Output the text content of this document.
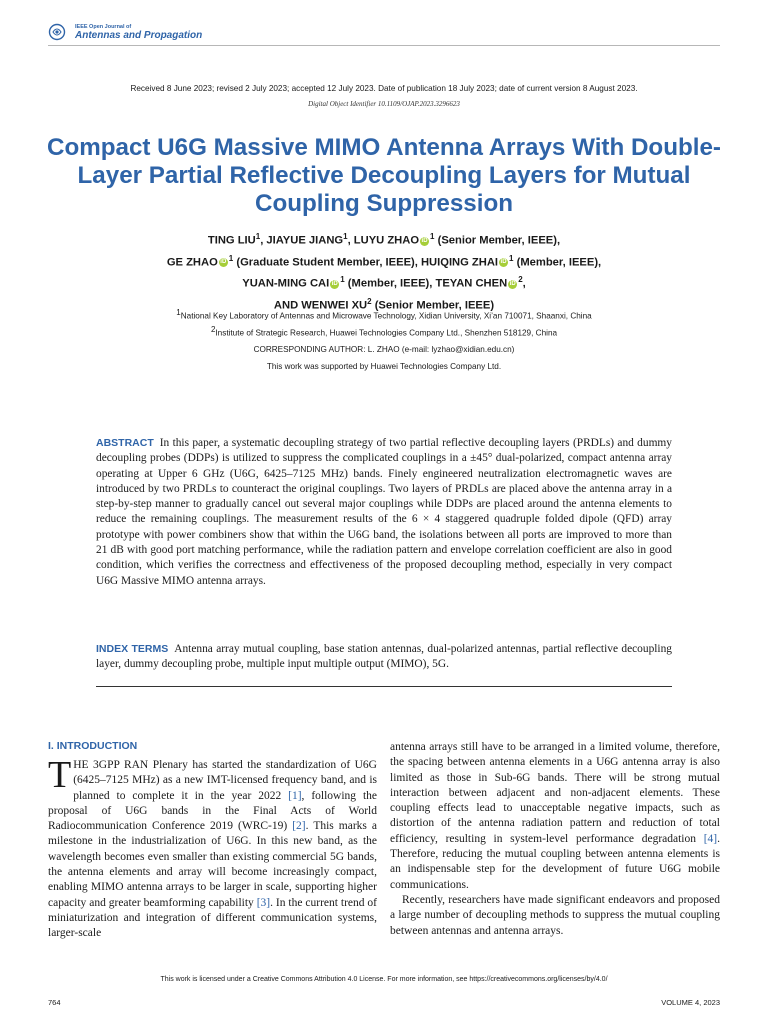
IEEE Open Journal of
Antennas and Propagation
Received 8 June 2023; revised 2 July 2023; accepted 12 July 2023. Date of publication 18 July 2023; date of current version 8 August 2023.
Digital Object Identifier 10.1109/OJAP.2023.3296623
Compact U6G Massive MIMO Antenna Arrays With Double-Layer Partial Reflective Decoupling Layers for Mutual Coupling Suppression
TING LIU$^1$, JIAYUE JIANG$^1$, LUYU ZHAO iD $^1$ (Senior Member, IEEE),
GE ZHAO iD $^1$ (Graduate Student Member, IEEE), HUIQING ZHAI iD $^1$ (Member, IEEE),
YUAN-MING CAI iD $^1$ (Member, IEEE), TEYAN CHEN iD $^2$,
AND WENWEI $XU^2$ (Senior Member, IEEE)
$^1$National Key Laboratory of Antennas and Microwave Technology, Xidian University, Xi’an 710071, Shaanxi, China
$^2$Institute of Strategic Research, Huawei Technologies Company Ltd., Shenzhen 518129, China
CORRESPONDING AUTHOR: L. ZHAO (e-mail: lyzhao@xidian.edu.cn)
This work was supported by Huawei Technologies Company Ltd.
ABSTRACT In this paper, a systematic decoupling strategy of two partial reflective decoupling layers (PRDLs) and dummy decoupling probes (DDPs) is utilized to suppress the complicated couplings in a ±45° dual-polarized, compact antenna array operating at Upper 6 GHz (U6G, 6425–7125 MHz) bands. Finely engineered neutralization electromagnetic waves are introduced by two PRDLs to counteract the original couplings. Two layers of PRDLs are placed above the antenna array in a step-by-step manner to gradually cancel out several major couplings while DDPs are placed around the antenna elements to reduce the remaining couplings. The measurement results of the 6 × 4 staggered quadruple folded dipole (QFD) array prototype with power combiners show that within the U6G band, the isolations between all ports are improved to more than 21 dB with good port matching performance, while the radiation pattern and envelope correlation coefficient are also in good condition, which verifies the correctness and effectiveness of the proposed decoupling method, especially in very compact U6G Massive MIMO antenna arrays.
INDEX TERMS Antenna array mutual coupling, base station antennas, dual-polarized antennas, partial reflective decoupling layer, dummy decoupling probe, multiple input multiple output (MIMO), 5G.
I. INTRODUCTION
THE 3GPP RAN Plenary has started the standardization of U6G (6425–7125 MHz) as a new IMT-licensed frequency band, and is planned to complete it in the year 2022 [1], following the proposal of U6G bands in the Final Acts of World Radiocommunication Conference 2019 (WRC-19) [2]. This marks a milestone in the industrialization of U6G. In this new band, as the wavelength becomes even smaller than existing commercial 5G bands, the antenna elements and array will become increasingly compact, enabling MIMO antenna arrays to be larger in scale, supporting higher capacity and greater beamforming capability [3]. In the current trend of miniaturization and integration of different communication systems, larger-scale

antenna arrays still have to be arranged in a limited volume, therefore, the spacing between antenna elements in a U6G antenna array is also limited as those in Sub-6G bands. There will be strong mutual interaction between adjacent and non-adjacent elements. These coupling effects lead to unacceptable negative impacts, such as distortion of the antenna radiation pattern and reduction of total efficiency, resulting in system-level performance degradation [4]. Therefore, reducing the mutual coupling between antenna elements is an indispensable step for the development of future U6G mobile communications.

Recently, researchers have made significant endeavors and proposed a large number of decoupling methods to suppress the mutual coupling between antennas and antenna arrays.

This work is licensed under a Creative Commons Attribution 4.0 License. For more information, see https://creativecommons.org/licenses/by/4.0/
764	VOLUME 4, 2023
